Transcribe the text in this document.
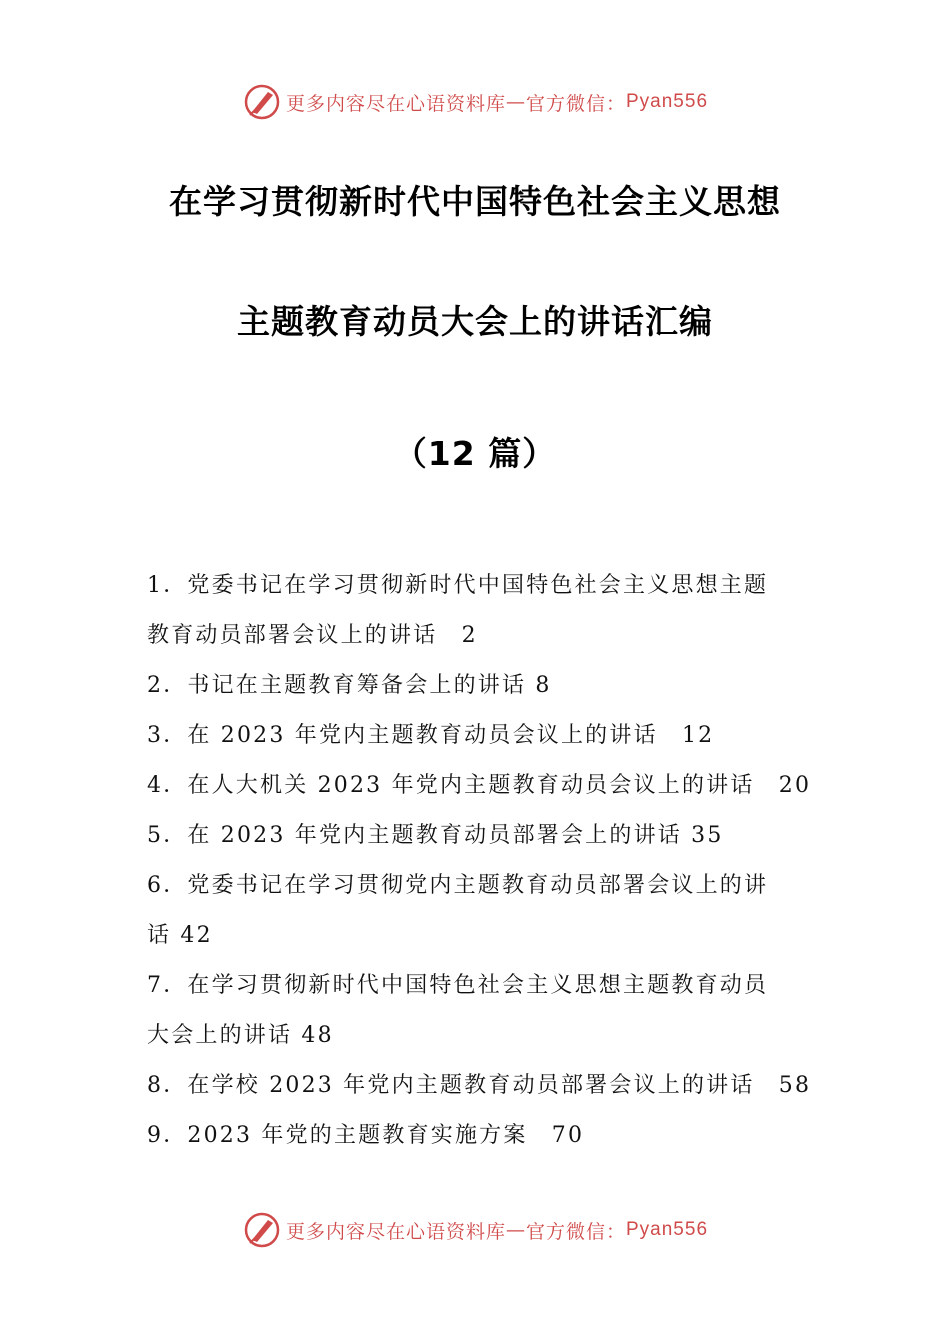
更多内容尽在心语资料库 — 官方微信： Pyan556
在学习贯彻新时代中国特色社会主义思想
主题教育动员大会上的讲话汇编
（12 篇）
1．党委书记在学习贯彻新时代中国特色社会主义思想主题
教育动员部署会议上的讲话　2
2．书记在主题教育筹备会上的讲话 8
3．在 2023 年党内主题教育动员会议上的讲话　12
4．在人大机关 2023 年党内主题教育动员会议上的讲话　20
5．在 2023 年党内主题教育动员部署会上的讲话 35
6．党委书记在学习贯彻党内主题教育动员部署会议上的讲
话 42
7．在学习贯彻新时代中国特色社会主义思想主题教育动员
大会上的讲话 48
8．在学校 2023 年党内主题教育动员部署会议上的讲话　58
9．2023 年党的主题教育实施方案　70
更多内容尽在心语资料库 — 官方微信： Pyan556
